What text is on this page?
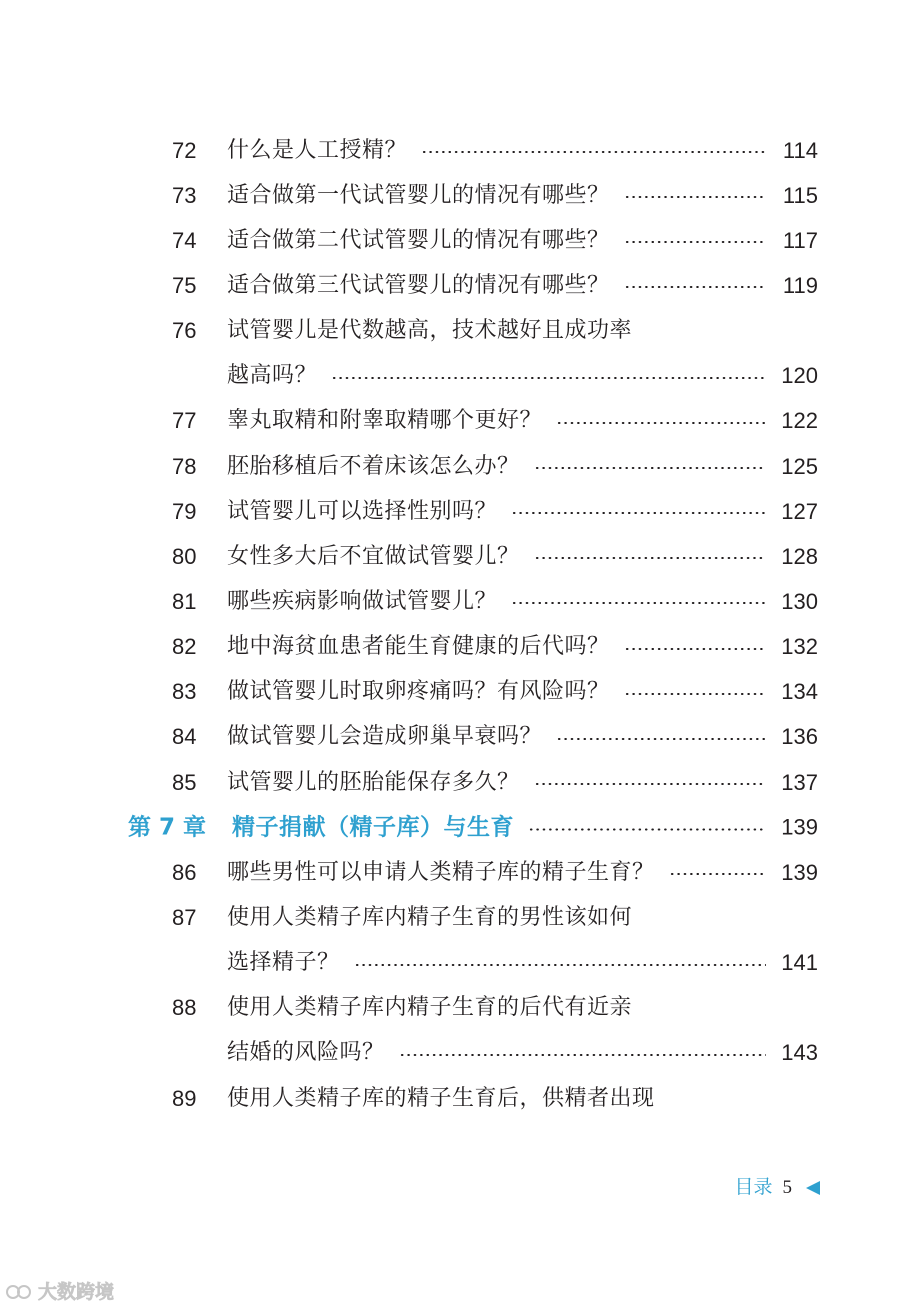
72 什么是人工授精？	114
73 适合做第一代试管婴儿的情况有哪些？	115
74 适合做第二代试管婴儿的情况有哪些？	117
75 适合做第三代试管婴儿的情况有哪些？	119
76 试管婴儿是代数越高，技术越好且成功率
越高吗？	120
77 睾丸取精和附睾取精哪个更好？	122
78 胚胎移植后不着床该怎么办？	125
79 试管婴儿可以选择性别吗？	127
80 女性多大后不宜做试管婴儿？	128
81 哪些疾病影响做试管婴儿？	130
82 地中海贫血患者能生育健康的后代吗？	132
83 做试管婴儿时取卵疼痛吗？有风险吗？	134
84 做试管婴儿会造成卵巢早衰吗？	136
85 试管婴儿的胚胎能保存多久？	137
第 7 章 精子捐献（精子库）与生育	139
86 哪些男性可以申请人类精子库的精子生育？	139
87 使用人类精子库内精子生育的男性该如何
选择精子？	141
88 使用人类精子库内精子生育的后代有近亲
结婚的风险吗？	143
89 使用人类精子库的精子生育后，供精者出现
目录 5
大数跨境
